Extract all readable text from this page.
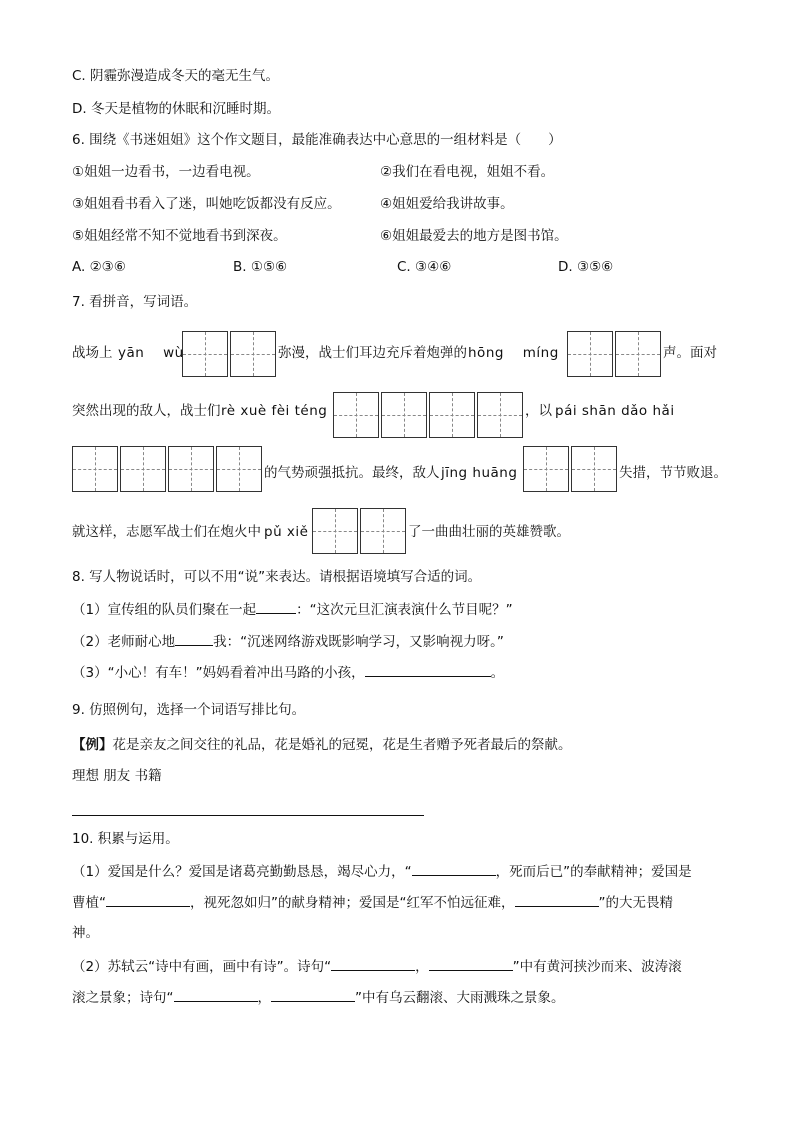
C. 阴霾弥漫造成冬天的毫无生气。
D. 冬天是植物的休眠和沉睡时期。
6. 围绕《书迷姐姐》这个作文题目，最能准确表达中心意思的一组材料是（　　）
①姐姐一边看书，一边看电视。	②我们在看电视，姐姐不看。
③姐姐看书看入了迷，叫她吃饭都没有反应。	④姐姐爱给我讲故事。
⑤姐姐经常不知不觉地看书到深夜。	⑥姐姐最爱去的地方是图书馆。
A. ②③⑥	B. ①⑤⑥	C. ③④⑥	D. ③⑤⑥
7. 看拼音，写词语。
战场上 yān　 wù	弥漫，战士们耳边充斥着炮弹的 hōng　 míng	声。面对
突然出现的敌人，战士们 rè xuè fèi téng	，以 pái shān dǎo hǎi
的气势顽强抵抗。最终，敌人 jīng huāng	失措，节节败退。
就这样，志愿军战士们在炮火中 pǔ xiě	了一曲曲壮丽的英雄赞歌。
8. 写人物说话时，可以不用“说”来表达。请根据语境填写合适的词。
（1）宣传组的队员们聚在一起	：“这次元旦汇演表演什么节目呢？”
（2）老师耐心地	我：“沉迷网络游戏既影响学习，又影响视力呀。”
（3）“小心！有车！”妈妈看着冲出马路的小孩，	。
9. 仿照例句，选择一个词语写排比句。
【例】花是亲友之间交往的礼品，花是婚礼的冠冕，花是生者赠予死者最后的祭献。
理想 朋友 书籍
10. 积累与运用。
（1）爱国是什么？爱国是诸葛亮勤勤恳恳，竭尽心力，“	，死而后已”的奉献精神；爱国是
曹植“	，视死忽如归”的献身精神；爱国是“红军不怕远征难，	”的大无畏精
神。
（2）苏轼云“诗中有画，画中有诗”。诗句“	，	”中有黄河挟沙而来、波涛滚
滚之景象；诗句“	，	”中有乌云翻滚、大雨溅珠之景象。
